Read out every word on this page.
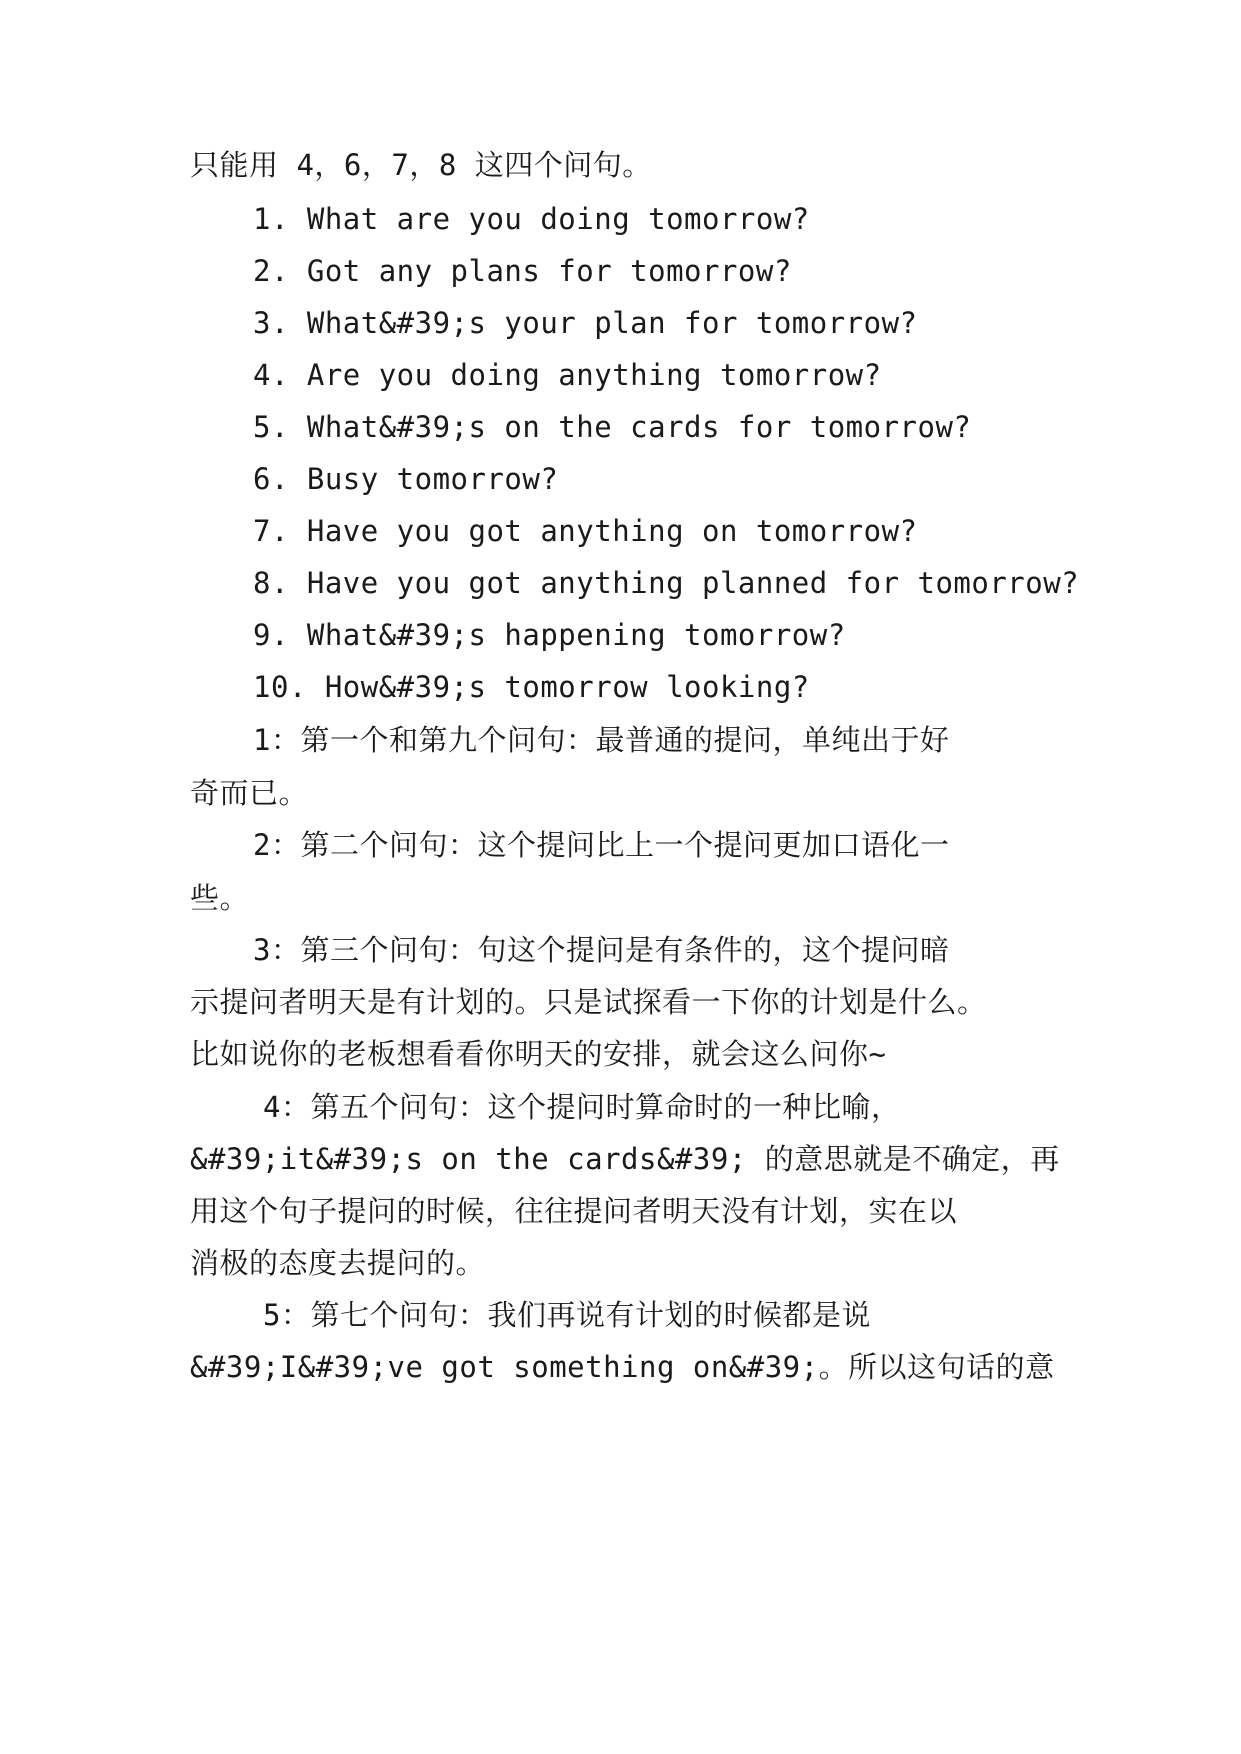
只能用 4，6，7，8 这四个问句。
1. What are you doing tomorrow?
2. Got any plans for tomorrow?
3. What&#39;s your plan for tomorrow?
4. Are you doing anything tomorrow?
5. What&#39;s on the cards for tomorrow?
6. Busy tomorrow?
7. Have you got anything on tomorrow?
8. Have you got anything planned for tomorrow?
9. What&#39;s happening tomorrow?
10. How&#39;s tomorrow looking?
1：第一个和第九个问句：最普通的提问，单纯出于好
奇而已。
2：第二个问句：这个提问比上一个提问更加口语化一
些。
3：第三个问句：句这个提问是有条件的，这个提问暗
示提问者明天是有计划的。只是试探看一下你的计划是什么。
比如说你的老板想看看你明天的安排，就会这么问你~
4：第五个问句：这个提问时算命时的一种比喻，
&#39;it&#39;s on the cards&#39; 的意思就是不确定，再
用这个句子提问的时候，往往提问者明天没有计划，实在以
消极的态度去提问的。
5：第七个问句：我们再说有计划的时候都是说
&#39;I&#39;ve got something on&#39;。所以这句话的意
